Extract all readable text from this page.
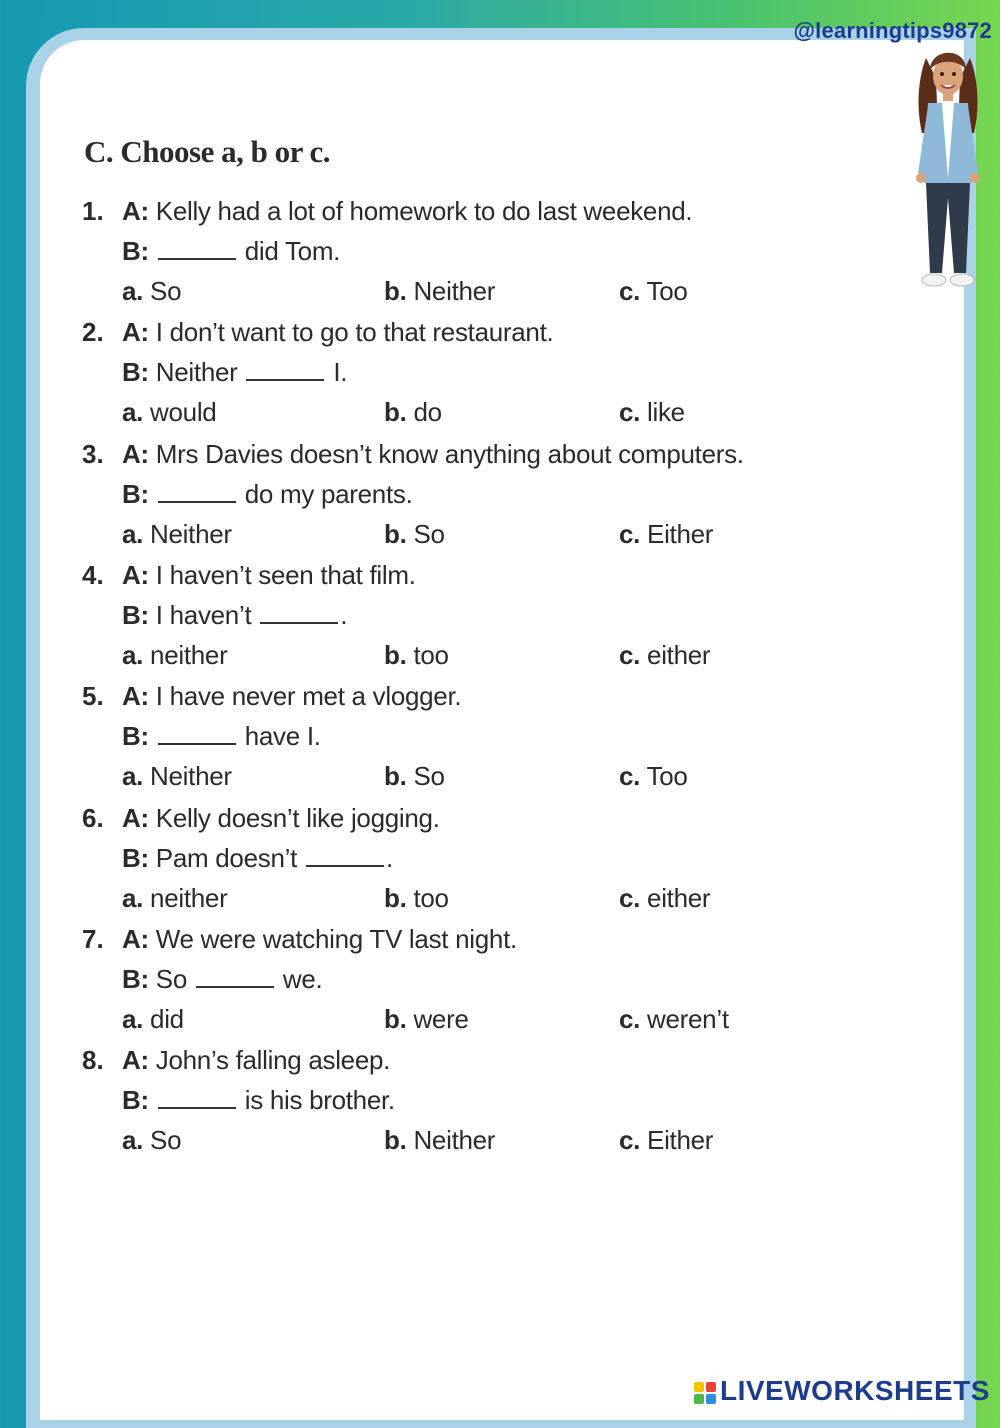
@learningtips9872
C. Choose a, b or c.
1. A: Kelly had a lot of homework to do last weekend.
B:	did Tom.
a. So	b. Neither	c. Too
2. A: I don’t want to go to that restaurant.
B: Neither	I.
a. would	b. do	c. like
3. A: Mrs Davies doesn’t know anything about computers.
B:	do my parents.
a. Neither	b. So	c. Either
4. A: I haven’t seen that film.
B: I haven’t	.
a. neither	b. too	c. either
5. A: I have never met a vlogger.
B:	have I.
a. Neither	b. So	c. Too
6. A: Kelly doesn’t like jogging.
B: Pam doesn’t	.
a. neither	b. too	c. either
7. A: We were watching TV last night.
B: So	we.
a. did	b. were	c. weren’t
8. A: John’s falling asleep.
B:	is his brother.
a. So	b. Neither	c. Either
LIVEWORKSHEETS
